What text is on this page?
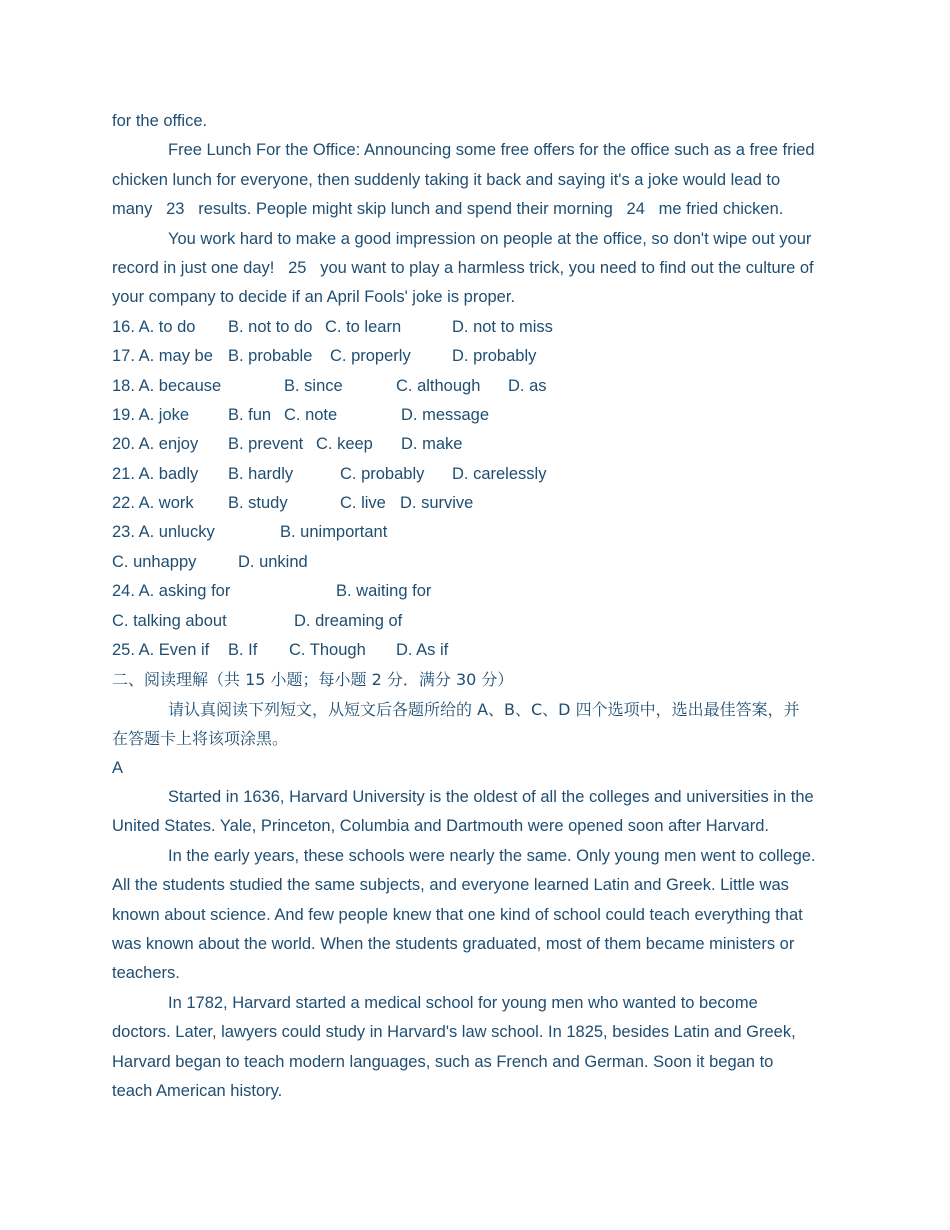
for the office.
Free Lunch For the Office: Announcing some free offers for the office such as a free fried
chicken lunch for everyone, then suddenly taking it back and saying it's a joke would lead to
many   23   results. People might skip lunch and spend their morning   24   me fried chicken.
You work hard to make a good impression on people at the office, so don't wipe out your
record in just one day!   25   you want to play a harmless trick, you need to find out the culture of
your company to decide if an April Fools' joke is proper.
16. A. to do	B. not to do C. to learn	D. not to miss
17. A. may be B. probable	C. properly	D. probably
18. A. because	B. since	C. although	D. as
19. A. joke	B. fun C. note	D. message
20. A. enjoy	B. prevent C. keep	D. make
21. A. badly	B. hardly	C. probably	D. carelessly
22. A. work	B. study	C. live D. survive
23. A. unlucky	B. unimportant
C. unhappy	D. unkind
24. A. asking for	B. waiting for
C. talking about	D. dreaming of
25. A. Even if	B. If	C. Though	D. As if
二、阅读理解（共 15 小题；每小题 2 分．满分 30 分）
请认真阅读下列短文，从短文后各题所给的 A、B、C、D 四个选项中，选出最佳答案，并
在答题卡上将该项涂黑。
A
Started in 1636, Harvard University is the oldest of all the colleges and universities in the
United States. Yale, Princeton, Columbia and Dartmouth were opened soon after Harvard.
In the early years, these schools were nearly the same. Only young men went to college.
All the students studied the same subjects, and everyone learned Latin and Greek. Little was
known about science. And few people knew that one kind of school could teach everything that
was known about the world. When the students graduated, most of them became ministers or
teachers.
In 1782, Harvard started a medical school for young men who wanted to become
doctors. Later, lawyers could study in Harvard's law school. In 1825, besides Latin and Greek,
Harvard began to teach modern languages, such as French and German. Soon it began to
teach American history.
